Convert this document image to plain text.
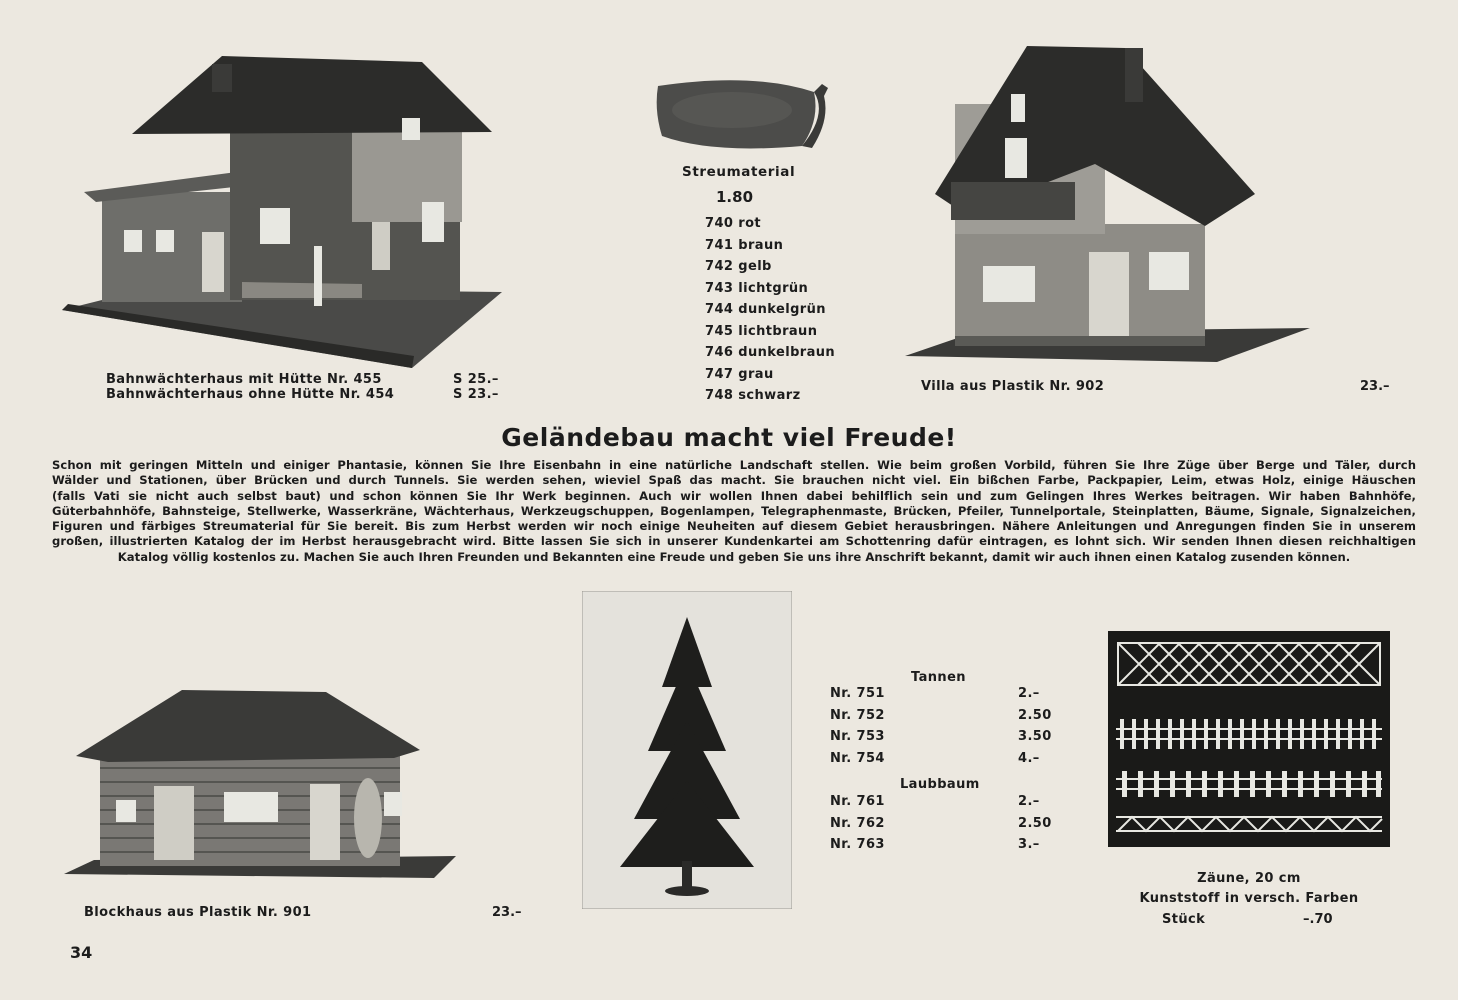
Bahnwächterhaus mit Hütte Nr. 455	S 25.–
Bahnwächterhaus ohne Hütte Nr. 454	S 23.–
Streumaterial
1.80
740 rot
741 braun
742 gelb
743 lichtgrün
744 dunkelgrün
745 lichtbraun
746 dunkelbraun
747 grau
748 schwarz
Villa aus Plastik Nr. 902	23.–
Geländebau macht viel Freude!
Schon mit geringen Mitteln und einiger Phantasie, können Sie Ihre Eisenbahn in eine natürliche Landschaft stellen. Wie beim großen Vorbild, führen Sie Ihre Züge über Berge und Täler, durch
Wälder und Stationen, über Brücken und durch Tunnels. Sie werden sehen, wieviel Spaß das macht. Sie brauchen nicht viel. Ein bißchen Farbe, Packpapier, Leim, etwas Holz, einige Häuschen
(falls Vati sie nicht auch selbst baut) und schon können Sie Ihr Werk beginnen. Auch wir wollen Ihnen dabei behilflich sein und zum Gelingen Ihres Werkes beitragen. Wir haben Bahnhöfe,
Güterbahnhöfe, Bahnsteige, Stellwerke, Wasserkräne, Wächterhaus, Werkzeugschuppen, Bogenlampen, Telegraphenmaste, Brücken, Pfeiler, Tunnelportale, Steinplatten, Bäume, Signale, Signalzeichen,
Figuren und färbiges Streumaterial für Sie bereit. Bis zum Herbst werden wir noch einige Neuheiten auf diesem Gebiet herausbringen. Nähere Anleitungen und Anregungen finden Sie in unserem
großen, illustrierten Katalog der im Herbst herausgebracht wird. Bitte lassen Sie sich in unserer Kundenkartei am Schottenring dafür eintragen, es lohnt sich. Wir senden Ihnen diesen reichhaltigen
Katalog völlig kostenlos zu. Machen Sie auch Ihren Freunden und Bekannten eine Freude und geben Sie uns ihre Anschrift bekannt, damit wir auch ihnen einen Katalog zusenden können.
Blockhaus aus Plastik Nr. 901	23.–
Tannen
Nr. 751	2.–
Nr. 752	2.50
Nr. 753	3.50
Nr. 754	4.–
Laubbaum
Nr. 761	2.–
Nr. 762	2.50
Nr. 763	3.–
Zäune, 20 cm
Kunststoff in versch. Farben
Stück	–.70
34
